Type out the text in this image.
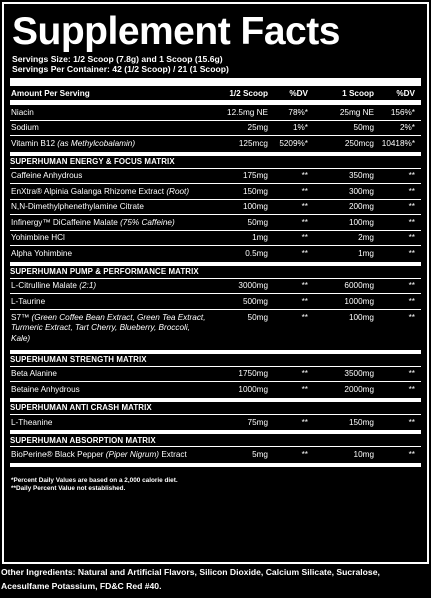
Supplement Facts
Servings Size: 1/2 Scoop (7.8g) and 1 Scoop (15.6g)
Servings Per Container: 42 (1/2 Scoop) / 21 (1 Scoop)
Amount Per Serving	1/2 Scoop	%DV	1 Scoop	%DV
Niacin	12.5mg NE	78%*	25mg NE	156%*
Sodium	25mg	1%*	50mg	2%*
Vitamin B12 (as Methylcobalamin)	125mcg	5209%*	250mcg 10418%*
SUPERHUMAN ENERGY & FOCUS MATRIX
Caffeine Anhydrous	175mg	**	350mg	**
EnXtra® Alpinia Galanga Rhizome Extract (Root)	150mg	**	300mg	**
N,N-Dimethylphenethylamine Citrate	100mg	**	200mg	**
Infinergy™ DiCaffeine Malate (75% Caffeine)	50mg	**	100mg	**
Yohimbine HCl	1mg	**	2mg	**
Alpha Yohimbine	0.5mg	**	1mg	**
SUPERHUMAN PUMP & PERFORMANCE MATRIX
L-Citrulline Malate (2:1)	3000mg	**	6000mg	**
L-Taurine	500mg	**	1000mg	**
S7™ (Green Coffee Bean Extract, Green Tea Extract, Turmeric Extract, Tart Cherry, Blueberry, Broccoli, Kale)
50mg	**	100mg	**
SUPERHUMAN STRENGTH MATRIX
Beta Alanine	1750mg	**	3500mg	**
Betaine Anhydrous	1000mg	**	2000mg	**
SUPERHUMAN ANTI CRASH MATRIX
L-Theanine	75mg	**	150mg	**
SUPERHUMAN ABSORPTION MATRIX
BioPerine® Black Pepper (Piper Nigrum) Extract	5mg	**	10mg	**
*Percent Daily Values are based on a 2,000 calorie diet.
**Daily Percent Value not established.
Other Ingredients: Natural and Artificial Flavors, Silicon Dioxide, Calcium Silicate, Sucralose, Acesulfame Potassium, FD&C Red #40.
